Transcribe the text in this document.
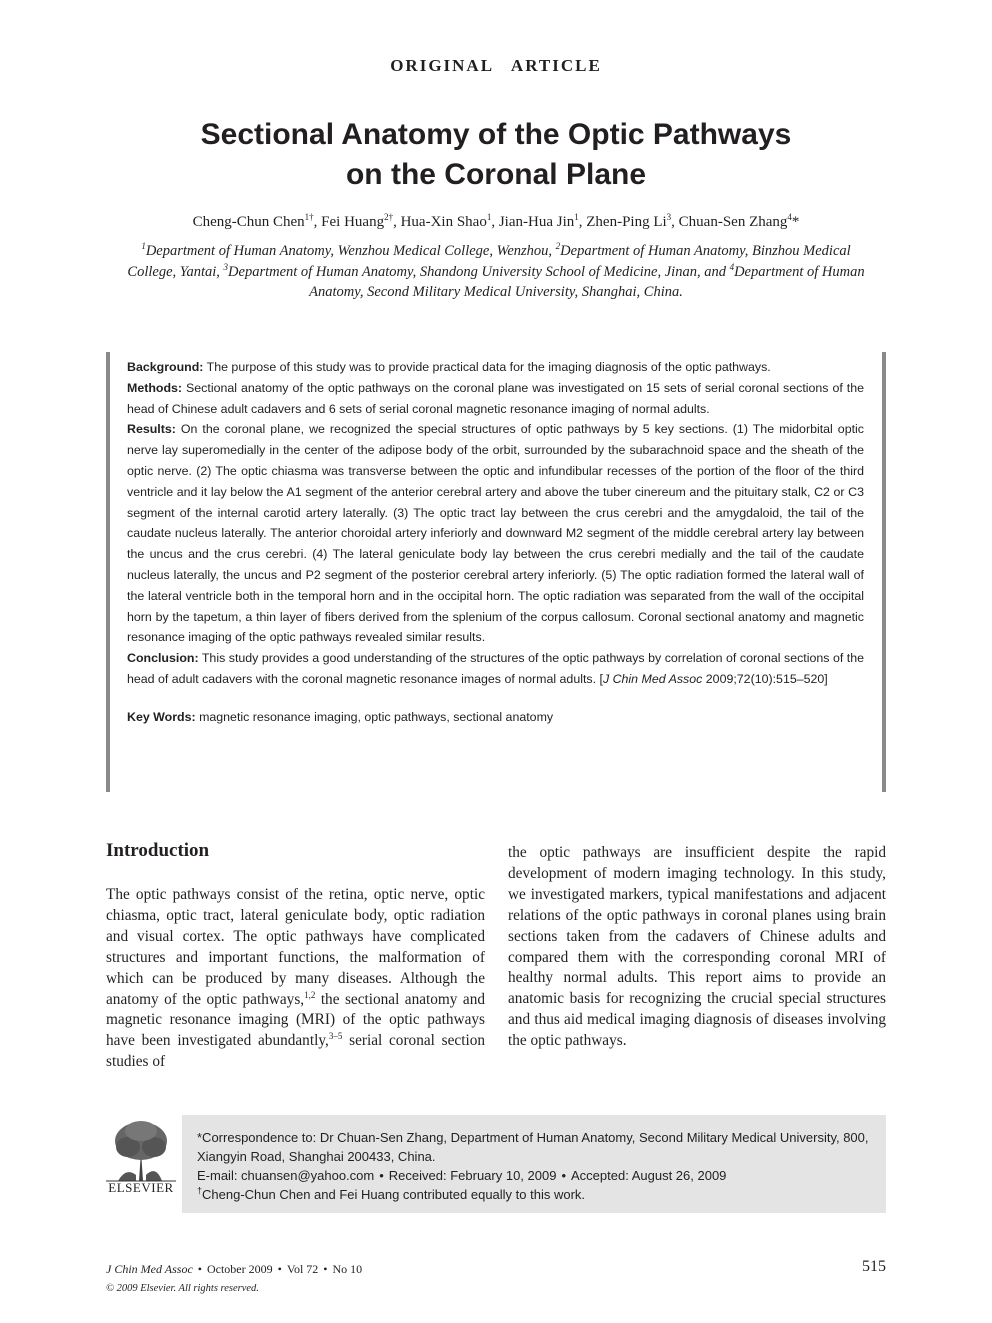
ORIGINAL   ARTICLE
Sectional Anatomy of the Optic Pathways
on the Coronal Plane
Cheng-Chun Chen$^{1\dagger}$, Fei Huang$^{2\dagger}$, Hua-Xin Shao$^1$, Jian-Hua Jin$^1$, Zhen-Ping Li$^3$, Chuan-Sen Zhang$^4$*
$^1$Department of Human Anatomy, Wenzhou Medical College, Wenzhou, $^2$Department of Human Anatomy, Binzhou Medical College, Yantai, $^3$Department of Human Anatomy, Shandong University School of Medicine, Jinan, and $^4$Department of Human Anatomy, Second Military Medical University, Shanghai, China.

Background: The purpose of this study was to provide practical data for the imaging diagnosis of the optic pathways.

Methods: Sectional anatomy of the optic pathways on the coronal plane was investigated on 15 sets of serial coronal sections of the head of Chinese adult cadavers and 6 sets of serial coronal magnetic resonance imaging of normal adults.

Results: On the coronal plane, we recognized the special structures of optic pathways by 5 key sections. (1) The midorbital optic nerve lay superomedially in the center of the adipose body of the orbit, surrounded by the subarachnoid space and the sheath of the optic nerve. (2) The optic chiasma was transverse between the optic and infundibular recesses of the portion of the floor of the third ventricle and it lay below the A1 segment of the anterior cerebral artery and above the tuber cinereum and the pituitary stalk, C2 or C3 segment of the internal carotid artery laterally. (3) The optic tract lay between the crus cerebri and the amygdaloid, the tail of the caudate nucleus laterally. The anterior choroidal artery inferiorly and downward M2 segment of the middle cerebral artery lay between the uncus and the crus cerebri. (4) The lateral geniculate body lay between the crus cerebri medially and the tail of the caudate nucleus laterally, the uncus and P2 segment of the posterior cerebral artery inferiorly. (5) The optic radiation formed the lateral wall of the lateral ventricle both in the temporal horn and in the occipital horn. The optic radiation was separated from the wall of the occipital horn by the tapetum, a thin layer of fibers derived from the splenium of the corpus callosum. Coronal sectional anatomy and magnetic resonance imaging of the optic pathways revealed similar results.

Conclusion: This study provides a good understanding of the structures of the optic pathways by correlation of coronal sections of the head of adult cadavers with the coronal magnetic resonance images of normal adults. [J Chin Med Assoc 2009;72(10):515–520]

Key Words: magnetic resonance imaging, optic pathways, sectional anatomy

Introduction

The optic pathways consist of the retina, optic nerve, optic chiasma, optic tract, lateral geniculate body, optic radiation and visual cortex. The optic pathways have complicated structures and important functions, the malformation of which can be produced by many diseases. Although the anatomy of the optic pathways,$^{1,2}$ the sectional anatomy and magnetic resonance imaging (MRI) of the optic pathways have been investigated abundantly,$^{3-5}$ serial coronal section studies of

the optic pathways are insufficient despite the rapid development of modern imaging technology. In this study, we investigated markers, typical manifestations and adjacent relations of the optic pathways in coronal planes using brain sections taken from the cadavers of Chinese adults and compared them with the corresponding coronal MRI of healthy normal adults. This report aims to provide an anatomic basis for recognizing the crucial special structures and thus aid medical imaging diagnosis of diseases involving the optic pathways.

ELSEVIER

*Correspondence to: Dr Chuan-Sen Zhang, Department of Human Anatomy, Second Military Medical University, 800, Xiangyin Road, Shanghai 200433, China.

E-mail: chuansen@yahoo.com • Received: February 10, 2009 • Accepted: August 26, 2009

†Cheng-Chun Chen and Fei Huang contributed equally to this work.

J Chin Med Assoc • October 2009 • Vol 72 • No 10
© 2009 Elsevier. All rights reserved.
515
